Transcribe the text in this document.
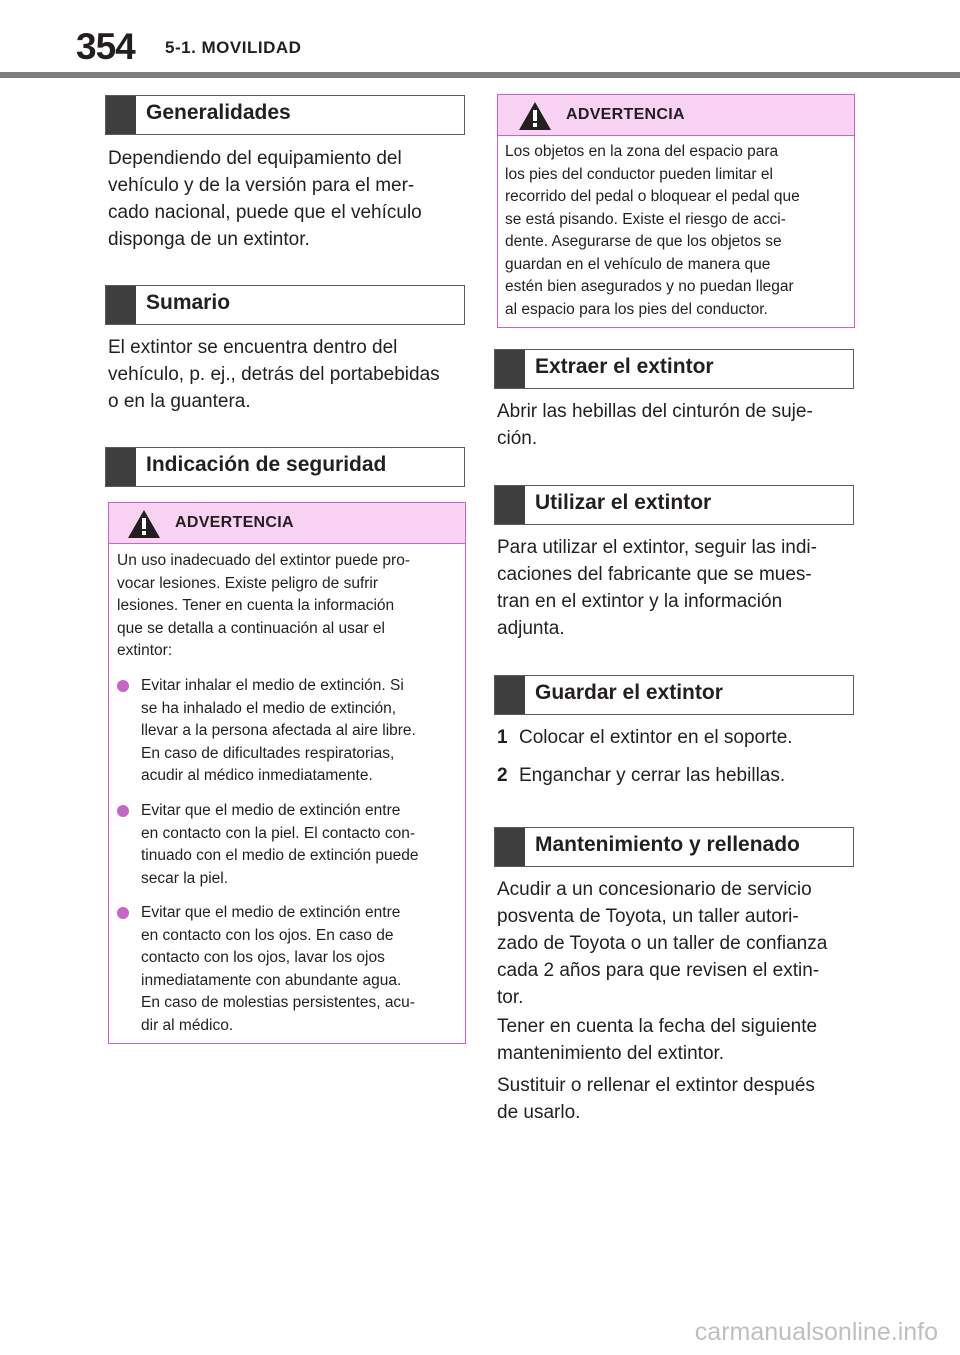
354 5-1. MOVILIDAD
Generalidades
Dependiendo del equipamiento del
vehículo y de la versión para el mer-
cado nacional, puede que el vehículo
disponga de un extintor.
Sumario
El extintor se encuentra dentro del
vehículo, p. ej., detrás del portabebidas
o en la guantera.
Indicación de seguridad
ADVERTENCIA
Un uso inadecuado del extintor puede pro-
vocar lesiones. Existe peligro de sufrir
lesiones. Tener en cuenta la información
que se detalla a continuación al usar el
extintor:
Evitar inhalar el medio de extinción. Si
se ha inhalado el medio de extinción,
llevar a la persona afectada al aire libre.
En caso de dificultades respiratorias,
acudir al médico inmediatamente.
Evitar que el medio de extinción entre
en contacto con la piel. El contacto con-
tinuado con el medio de extinción puede
secar la piel.
Evitar que el medio de extinción entre
en contacto con los ojos. En caso de
contacto con los ojos, lavar los ojos
inmediatamente con abundante agua.
En caso de molestias persistentes, acu-
dir al médico.
ADVERTENCIA
Los objetos en la zona del espacio para
los pies del conductor pueden limitar el
recorrido del pedal o bloquear el pedal que
se está pisando. Existe el riesgo de acci-
dente. Asegurarse de que los objetos se
guardan en el vehículo de manera que
estén bien asegurados y no puedan llegar
al espacio para los pies del conductor.
Extraer el extintor
Abrir las hebillas del cinturón de suje-
ción.
Utilizar el extintor
Para utilizar el extintor, seguir las indi-
caciones del fabricante que se mues-
tran en el extintor y la información
adjunta.
Guardar el extintor
1 Colocar el extintor en el soporte.
2 Enganchar y cerrar las hebillas.
Mantenimiento y rellenado
Acudir a un concesionario de servicio
posventa de Toyota, un taller autori-
zado de Toyota o un taller de confianza
cada 2 años para que revisen el extin-
tor.
Tener en cuenta la fecha del siguiente
mantenimiento del extintor.
Sustituir o rellenar el extintor después
de usarlo.
carmanualsonline.info
